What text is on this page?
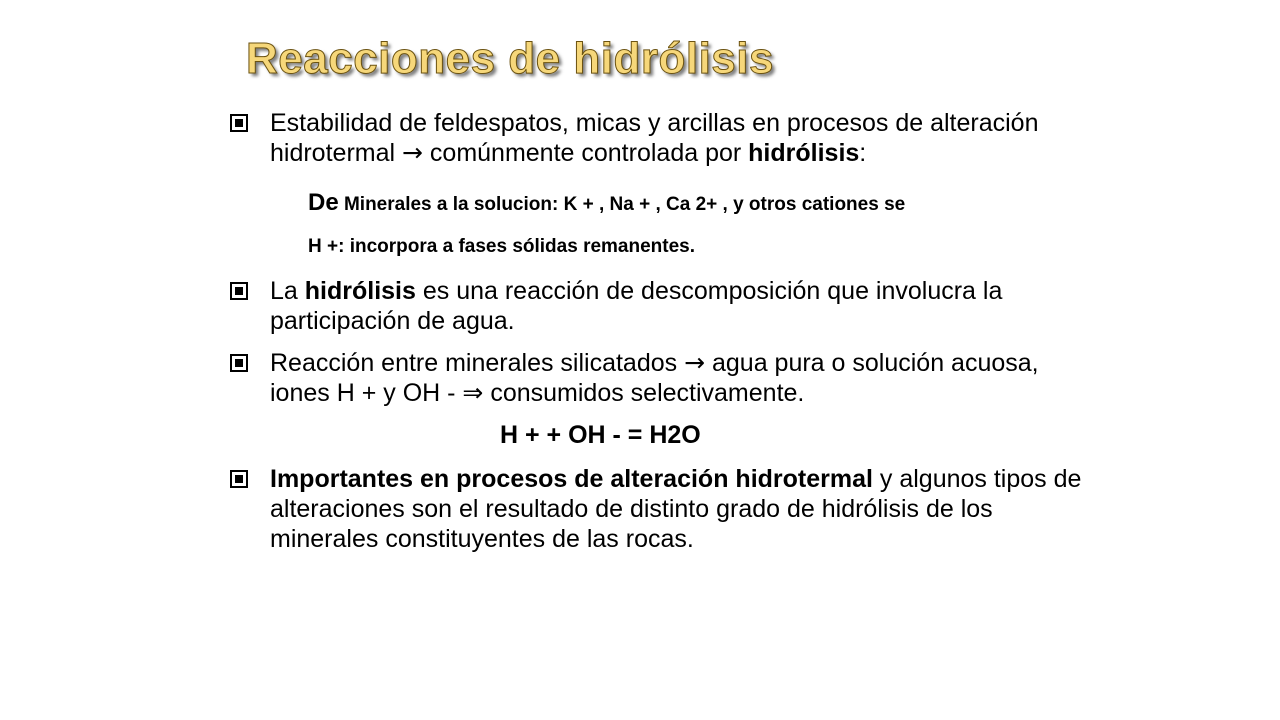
Reacciones de hidrólisis
Estabilidad de feldespatos, micas y arcillas en procesos de alteración hidrotermal → comúnmente controlada por hidrólisis:
De Minerales a la solucion: K + , Na + , Ca 2+ , y otros cationes se
H +: incorpora a fases sólidas remanentes.
La hidrólisis es una reacción de descomposición que involucra la participación de agua.
Reacción entre minerales silicatados → agua pura o solución acuosa, iones H + y OH - ⇒ consumidos selectivamente.
H + + OH - = H2O
Importantes en procesos de alteración hidrotermal y algunos tipos de alteraciones son el resultado de distinto grado de hidrólisis de los minerales constituyentes de las rocas.
